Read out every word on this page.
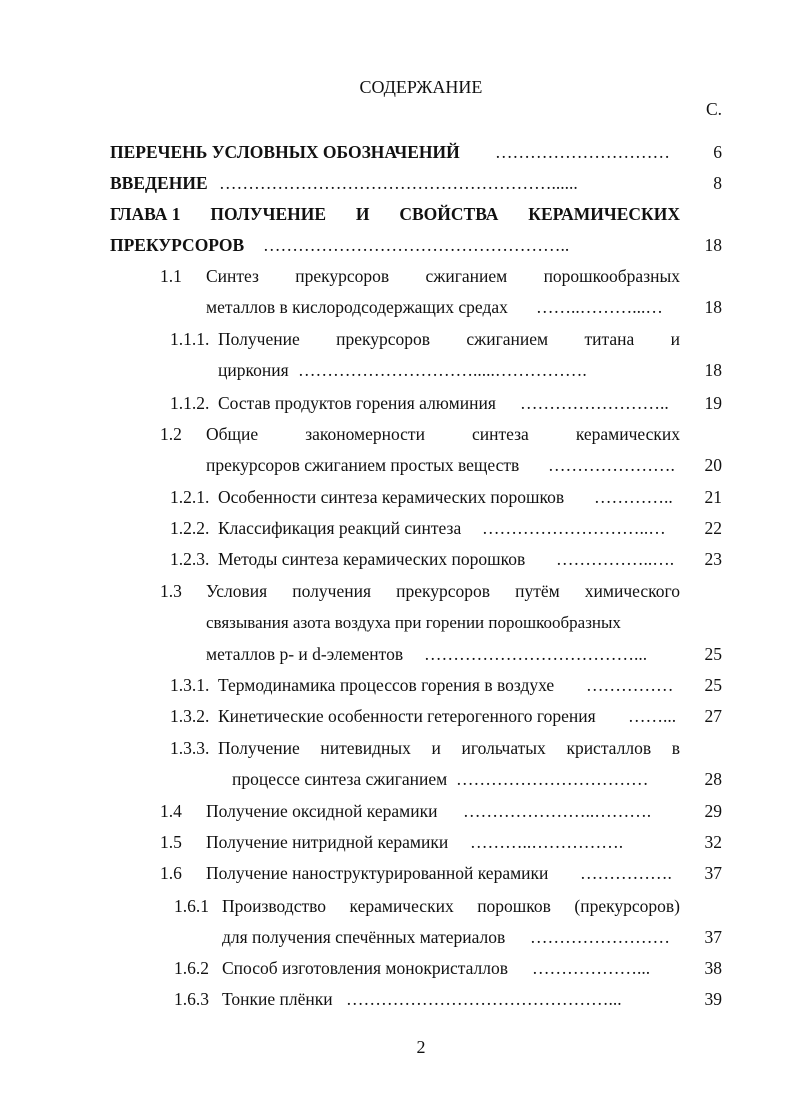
СОДЕРЖАНИЕ
С.
ПЕРЕЧЕНЬ УСЛОВНЫХ ОБОЗНАЧЕНИЙ …………………………	6
ВВЕДЕНИЕ …………………………………………………......	8
ГЛАВА 1 ПОЛУЧЕНИЕ И СВОЙСТВА КЕРАМИЧЕСКИХ
ПРЕКУРСОРОВ ……………………………………………..	18
1.1 Синтез прекурсоров сжиганием порошкообразных
металлов в кислородсодержащих средах ……..………...…	18
1.1.1. Получение прекурсоров сжиганием титана и
циркония ………………………….....…………….	18
1.1.2. Состав продуктов горения алюминия ……………………..	19
1.2 Общие	закономерности	синтеза	керамических
прекурсоров сжиганием простых веществ ………………….	20
1.2.1. Особенности синтеза керамических порошков …………..	21
1.2.2. Классификация реакций синтеза ………………………..…	22
1.2.3. Методы синтеза керамических порошков ……………..….	23
1.3 Условия получения прекурсоров путём химического
связывания азота воздуха при горении порошкообразных
металлов p- и d-элементов ………………………………...	25
1.3.1. Термодинамика процессов горения в воздухе ……………	25
1.3.2. Кинетические особенности гетерогенного горения ……...	27
1.3.3. Получение нитевидных и игольчатых кристаллов в
процессе синтеза сжиганием ……………………………	28
1.4 Получение оксидной керамики …………………..……….	29
1.5 Получение нитридной керамики ………..…………….	32
1.6 Получение наноструктурированной керамики …………….	37
1.6.1 Производство керамических порошков (прекурсоров)
для получения спечённых материалов ……………………	37
1.6.2 Способ изготовления монокристаллов ………………...	38
1.6.3 Тонкие плёнки ………………………………………...	39
2
